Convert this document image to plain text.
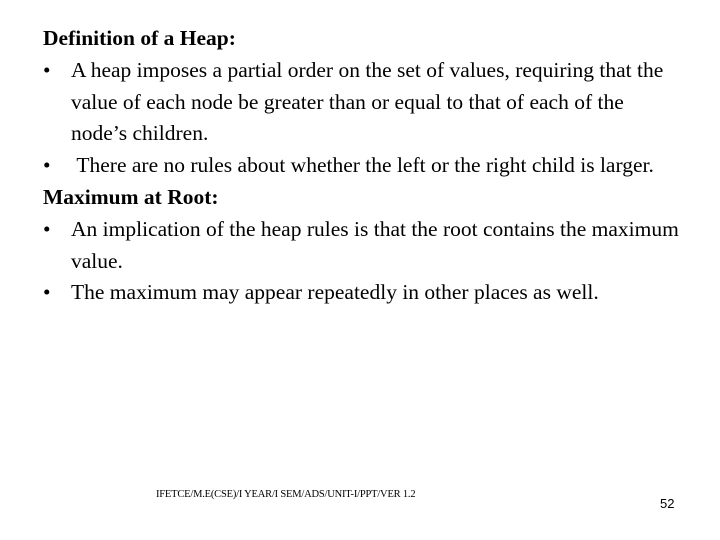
Definition of a Heap:

• A heap imposes a partial order on the set of values, requiring that the value of each node be greater than or equal to that of each of the node’s children.
• There are no rules about whether the left or the right child is larger.

Maximum at Root:

• An implication of the heap rules is that the root contains the maximum value.
• The maximum may appear repeatedly in other places as well.
IFETCE/M.E(CSE)/I YEAR/I SEM/ADS/UNIT-I/PPT/VER 1.2
52
